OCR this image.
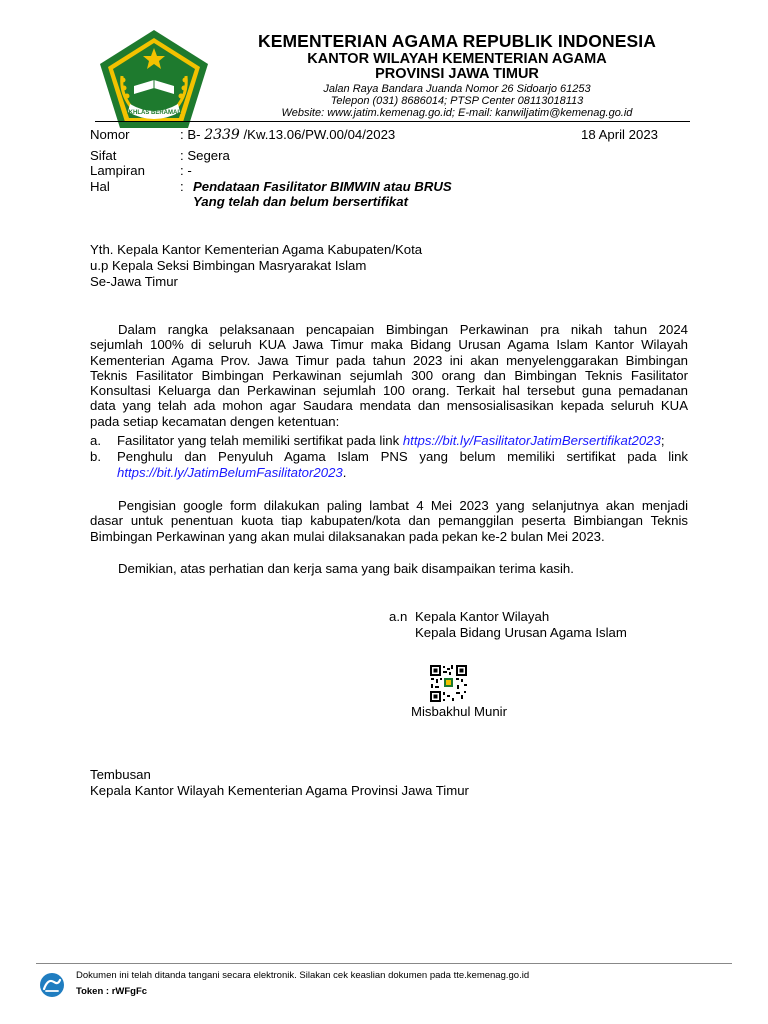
IKHLAS BERAMAL
KEMENTERIAN AGAMA REPUBLIK INDONESIA
KANTOR WILAYAH KEMENTERIAN AGAMA
PROVINSI JAWA TIMUR
Jalan Raya Bandara Juanda Nomor 26 Sidoarjo 61253
Telepon (031) 8686014; PTSP Center 08113018113
Website: www.jatim.kemenag.go.id; E-mail: kanwiljatim@kemenag.go.id
Nomor	: B- 2339 /Kw.13.06/PW.00/04/2023	18 April 2023
Sifat	: Segera
Lampiran	: -
Hal	: Pendataan Fasilitator BIMWIN atau BRUS
Yang telah dan belum bersertifikat
Yth. Kepala Kantor Kementerian Agama Kabupaten/Kota
u.p Kepala Seksi Bimbingan Masryarakat Islam
Se-Jawa Timur
Dalam rangka pelaksanaan pencapaian Bimbingan Perkawinan pra nikah tahun 2024
sejumlah 100% di seluruh KUA Jawa Timur maka Bidang Urusan Agama Islam Kantor Wilayah
Kementerian Agama Prov. Jawa Timur pada tahun 2023 ini akan menyelenggarakan Bimbingan
Teknis Fasilitator Bimbingan Perkawinan sejumlah 300 orang dan Bimbingan Teknis Fasilitator
Konsultasi Keluarga dan Perkawinan sejumlah 100 orang. Terkait hal tersebut guna pemadanan
data yang telah ada mohon agar Saudara mendata dan mensosialisasikan kepada seluruh KUA
pada setiap kecamatan dengen ketentuan:
a. Fasilitator yang telah memiliki sertifikat pada link https://bit.ly/FasilitatorJatimBersertifikat2023;
b. Penghulu dan Penyuluh Agama Islam PNS yang belum memiliki sertifikat pada link
https://bit.ly/JatimBelumFasilitator2023.
Pengisian google form dilakukan paling lambat 4 Mei 2023 yang selanjutnya akan menjadi
dasar untuk penentuan kuota tiap kabupaten/kota dan pemanggilan peserta Bimbiangan Teknis
Bimbingan Perkawinan yang akan mulai dilaksanakan pada pekan ke-2 bulan Mei 2023.
Demikian, atas perhatian dan kerja sama yang baik disampaikan terima kasih.
a.n Kepala Kantor Wilayah
Kepala Bidang Urusan Agama Islam
Misbakhul Munir
Tembusan
Kepala Kantor Wilayah Kementerian Agama Provinsi Jawa Timur
Dokumen ini telah ditanda tangani secara elektronik. Silakan cek keaslian dokumen pada tte.kemenag.go.id
Token : rWFgFc
